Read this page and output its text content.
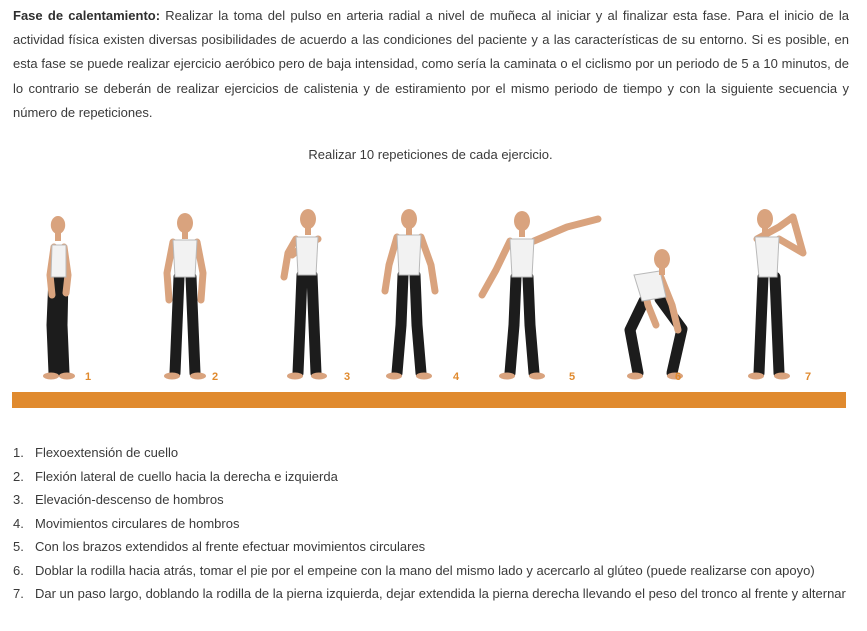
Fase de calentamiento: Realizar la toma del pulso en arteria radial a nivel de muñeca al iniciar y al finalizar esta fase. Para el inicio de la actividad física existen diversas posibilidades de acuerdo a las condiciones del paciente y a las características de su entorno. Si es posible, en esta fase se puede realizar ejercicio aeróbico pero de baja intensidad, como sería la caminata o el ciclismo por un periodo de 5 a 10 minutos, de lo contrario se deberán de realizar ejercicios de calistenia y de estiramiento por el mismo periodo de tiempo y con la siguiente secuencia y número de repeticiones.

Realizar 10 repeticiones de cada ejercicio.

1	2	3	4	5	6	7
1. Flexoextensión de cuello
2. Flexión lateral de cuello hacia la derecha e izquierda
3. Elevación-descenso de hombros
4. Movimientos circulares de hombros
5. Con los brazos extendidos al frente efectuar movimientos circulares
6. Doblar la rodilla hacia atrás, tomar el pie por el empeine con la mano del mismo lado y acercarlo al glúteo (puede realizarse con apoyo)
7. Dar un paso largo, doblando la rodilla de la pierna izquierda, dejar extendida la pierna derecha llevando el peso del tronco al frente y alternar
